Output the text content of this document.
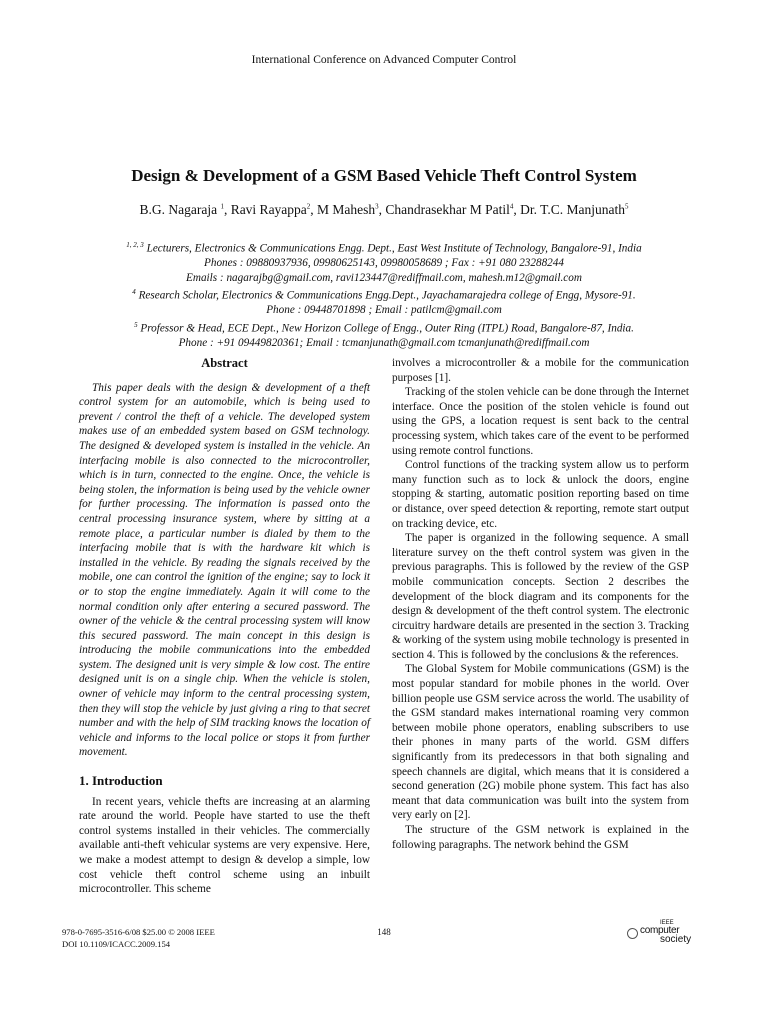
International Conference on Advanced Computer Control
Design & Development of a GSM Based Vehicle Theft Control System
B.G. Nagaraja $^1$, Ravi Rayappa$^2$, M Mahesh$^3$, Chandrasekhar M Patil$^4$, Dr. T.C. Manjunath$^5$
$^{1, 2, 3}$ Lecturers, Electronics & Communications Engg. Dept., East West Institute of Technology, Bangalore-91, India
Phones : 09880937936, 09980625143, 09980058689 ; Fax : +91 080 23288244
Emails : nagarajbg@gmail.com, ravi123447@rediffmail.com, mahesh.m12@gmail.com
$^4$ Research Scholar, Electronics & Communications Engg.Dept., Jayachamarajedra college of Engg, Mysore-91.
Phone : 09448701898 ; Email : patilcm@gmail.com
$^5$ Professor & Head, ECE Dept., New Horizon College of Engg., Outer Ring (ITPL) Road, Bangalore-87, India.
Phone : +91 09449820361; Email : tcmanjunath@gmail.com tcmanjunath@rediffmail.com
Abstract

This paper deals with the design & development of a theft control system for an automobile, which is being used to prevent / control the theft of a vehicle. The developed system makes use of an embedded system based on GSM technology. The designed & developed system is installed in the vehicle. An interfacing mobile is also connected to the microcontroller, which is in turn, connected to the engine. Once, the vehicle is being stolen, the information is being used by the vehicle owner for further processing. The information is passed onto the central processing insurance system, where by sitting at a remote place, a particular number is dialed by them to the interfacing mobile that is with the hardware kit which is installed in the vehicle. By reading the signals received by the mobile, one can control the ignition of the engine; say to lock it or to stop the engine immediately. Again it will come to the normal condition only after entering a secured password. The owner of the vehicle & the central processing system will know this secured password. The main concept in this design is introducing the mobile communications into the embedded system. The designed unit is very simple & low cost. The entire designed unit is on a single chip. When the vehicle is stolen, owner of vehicle may inform to the central processing system, then they will stop the vehicle by just giving a ring to that secret number and with the help of SIM tracking knows the location of vehicle and informs to the local police or stops it from further movement.

1. Introduction

In recent years, vehicle thefts are increasing at an alarming rate around the world. People have started to use the theft control systems installed in their vehicles. The commercially available anti-theft vehicular systems are very expensive. Here, we make a modest attempt to design & develop a simple, low cost vehicle theft control scheme using an inbuilt microcontroller. This scheme

involves a microcontroller & a mobile for the communication purposes [1].

Tracking of the stolen vehicle can be done through the Internet interface. Once the position of the stolen vehicle is found out using the GPS, a location request is sent back to the central processing system, which takes care of the event to be performed using remote control functions.

Control functions of the tracking system allow us to perform many function such as to lock & unlock the doors, engine stopping & starting, automatic position reporting based on time or distance, over speed detection & reporting, remote start output on tracking device, etc.

The paper is organized in the following sequence. A small literature survey on the theft control system was given in the previous paragraphs. This is followed by the review of the GSP mobile communication concepts. Section 2 describes the development of the block diagram and its components for the design & development of the theft control system. The electronic circuitry hardware details are presented in the section 3. Tracking & working of the system using mobile technology is presented in section 4. This is followed by the conclusions & the references.

The Global System for Mobile communications (GSM) is the most popular standard for mobile phones in the world. Over billion people use GSM service across the world. The usability of the GSM standard makes international roaming very common between mobile phone operators, enabling subscribers to use their phones in many parts of the world. GSM differs significantly from its predecessors in that both signaling and speech channels are digital, which means that it is considered a second generation (2G) mobile phone system. This fact has also meant that data communication was built into the system from very early on [2].

The structure of the GSM network is explained in the following paragraphs. The network behind the GSM

978-0-7695-3516-6/08 $25.00 © 2008 IEEE
DOI 10.1109/ICACC.2009.154
148
IEEE
computer
society
